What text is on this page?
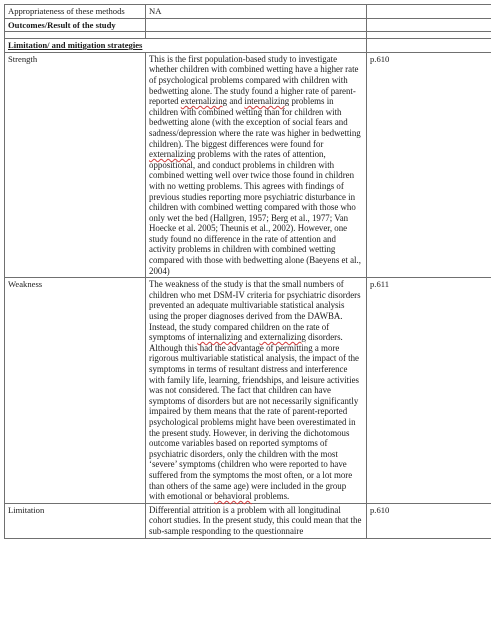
Appropriateness of these methods	NA	
Outcomes/Result of the study		

Limitation/ and mitigation strategies		
Strength	This is the first population-based study to investigate whether children with combined wetting have a higher rate of psychological problems compared with children with bedwetting alone. The study found a higher rate of parent-reported externalizing and internalizing problems in children with combined wetting than for children with bedwetting alone (with the exception of social fears and sadness/depression where the rate was higher in bedwetting children). The biggest differences were found for externalizing problems with the rates of attention, oppositional, and conduct problems in children with combined wetting well over twice those found in children with no wetting problems. This agrees with findings of previous studies reporting more psychiatric disturbance in children with combined wetting compared with those who only wet the bed (Hallgren, 1957; Berg et al., 1977; Van Hoecke et al. 2005; Theunis et al., 2002). However, one study found no difference in the rate of attention and activity problems in children with combined wetting compared with those with bedwetting alone (Baeyens et al., 2004)	p.610
Weakness	The weakness of the study is that the small numbers of children who met DSM-IV criteria for psychiatric disorders prevented an adequate multivariable statistical analysis using the proper diagnoses derived from the DAWBA. Instead, the study compared children on the rate of symptoms of internalizing and externalizing disorders. Although this had the advantage of permitting a more rigorous multivariable statistical analysis, the impact of the symptoms in terms of resultant distress and interference with family life, learning, friendships, and leisure activities was not considered. The fact that children can have symptoms of disorders but are not necessarily significantly impaired by them means that the rate of parent-reported psychological problems might have been overestimated in the present study. However, in deriving the dichotomous outcome variables based on reported symptoms of psychiatric disorders, only the children with the most ‘severe’ symptoms (children who were reported to have suffered from the symptoms the most often, or a lot more than others of the same age) were included in the group with emotional or behavioral problems.	p.611
Limitation	Differential attrition is a problem with all longitudinal cohort studies. In the present study, this could mean that the sub-sample responding to the questionnaire	p.610
